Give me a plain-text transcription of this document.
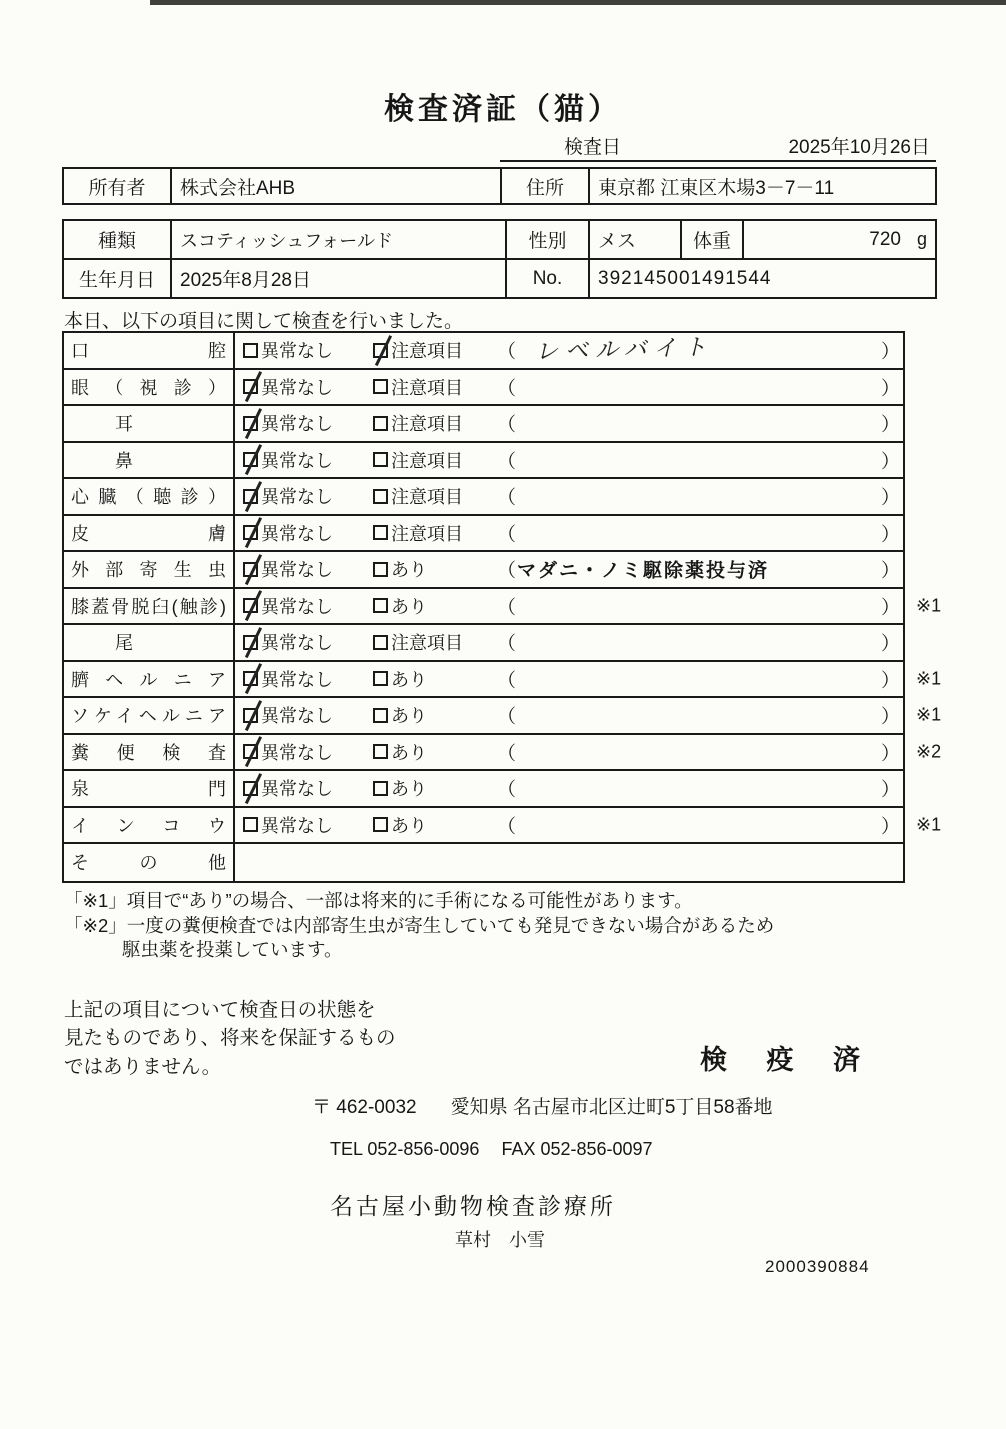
検査済証（猫）
検査日	2025年10月26日
所有者	株式会社AHB	住所	東京都 江東区木場3－7－11
種類	スコティッシュフォールド	性別	メス	体重	720 g
生年月日	2025年8月28日	No.	392145001491544		

本日、以下の項目に関して検査を行いました。

口腔 異常なし	注意項目 （ レベルバイト	）
眼（視診） 異常なし	注意項目 （	）
耳	異常なし	注意項目 （	）
鼻	異常なし	注意項目 （	）
心臓（聴診） 異常なし	注意項目 （	）
皮膚 異常なし	注意項目 （	）
外部寄生虫 異常なし	あり	（ マダニ・ノミ駆除薬投与済	）
膝蓋骨脱臼(触診) 異常なし	あり	（	） ※1
尾	異常なし	注意項目 （	）
臍ヘルニア 異常なし	あり	（	） ※1
ソケイヘルニア 異常なし	あり	（	） ※1
糞便検査 異常なし	あり	（	） ※2
泉門 異常なし	あり	（	）
インコウ 異常なし	あり	（	） ※1
その他
「※1」項目で“あり”の場合、一部は将来的に手術になる可能性があります。
「※2」一度の糞便検査では内部寄生虫が寄生していても発見できない場合があるため
駆虫薬を投薬しています。
上記の項目について検査日の状態を
見たものであり、将来を保証するもの
ではありません。	検 疫 済
〒 462-0032 愛知県 名古屋市北区辻町5丁目58番地
TEL 052-856-0096 FAX 052-856-0097
名古屋小動物検査診療所
草村　小雪
2000390884
